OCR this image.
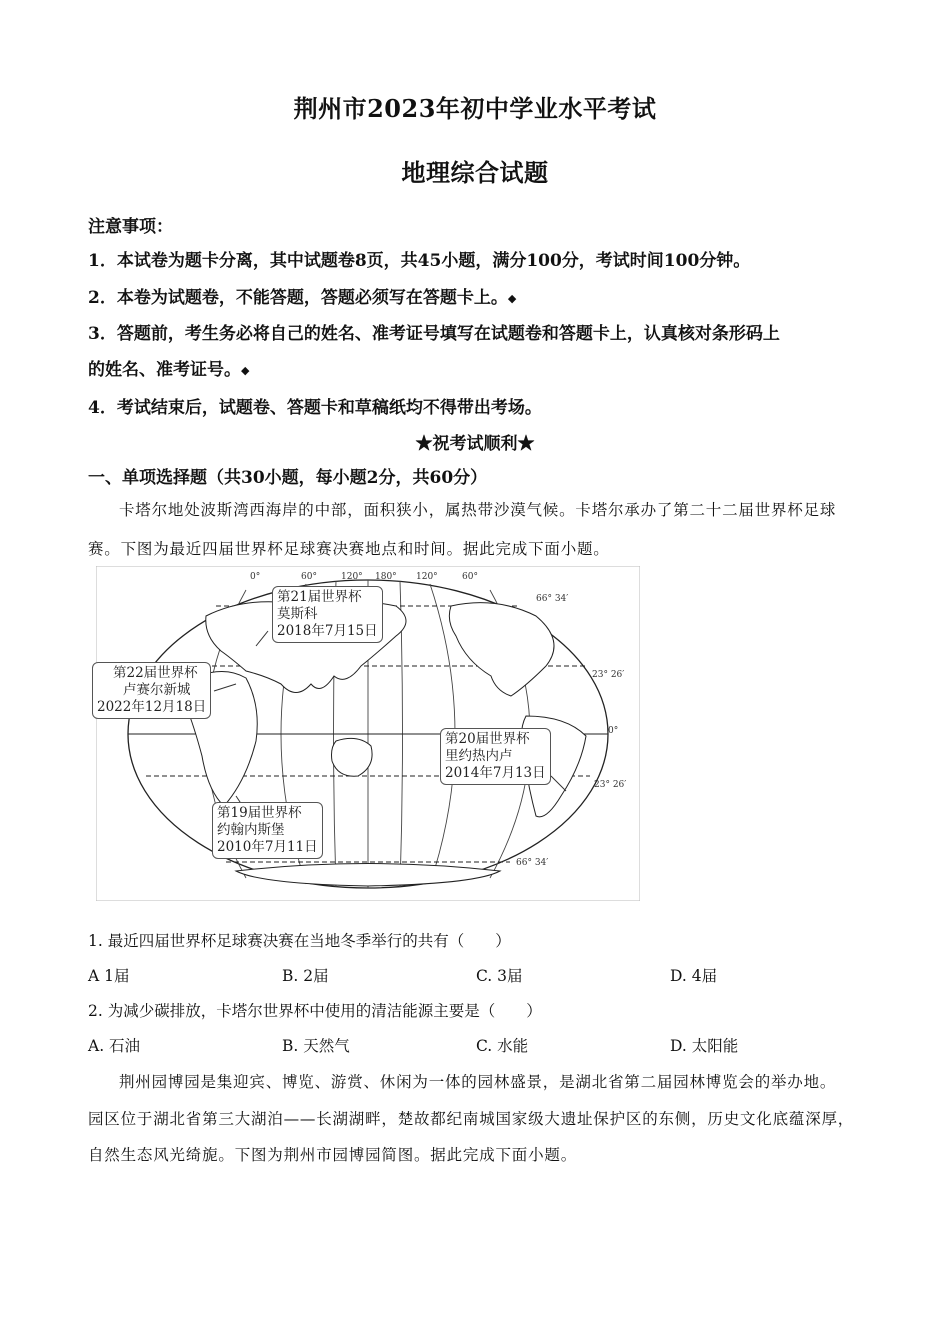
荆州市2023年初中学业水平考试
地理综合试题
注意事项：
1．本试卷为题卡分离，其中试题卷8页，共45小题，满分100分，考试时间100分钟。
2．本卷为试题卷，不能答题，答题必须写在答题卡上。◆
3．答题前，考生务必将自己的姓名、准考证号填写在试题卷和答题卡上，认真核对条形码上
的姓名、准考证号。◆
4．考试结束后，试题卷、答题卡和草稿纸均不得带出考场。
★祝考试顺利★
一、单项选择题（共30小题，每小题2分，共60分）
卡塔尔地处波斯湾西海岸的中部，面积狭小，属热带沙漠气候。卡塔尔承办了第二十二届世界杯足球
赛。下图为最近四届世界杯足球赛决赛地点和时间。据此完成下面小题。
0°	60°	120° 180° 120°	60°
66° 34′
23° 26′
0°
23° 26′
66° 34′
第21届世界杯
莫斯科
2018年7月15日
第22届世界杯
卢赛尔新城
2022年12月18日
第20届世界杯
里约热内卢
2014年7月13日
第19届世界杯
约翰内斯堡
2010年7月11日
1. 最近四届世界杯足球赛决赛在当地冬季举行的共有（　　）
A 1届	B. 2届	C. 3届	D. 4届
2. 为减少碳排放，卡塔尔世界杯中使用的清洁能源主要是（　　）
A. 石油	B. 天然气	C. 水能	D. 太阳能
荆州园博园是集迎宾、博览、游赏、休闲为一体的园林盛景，是湖北省第二届园林博览会的举办地。
园区位于湖北省第三大湖泊——长湖湖畔，楚故都纪南城国家级大遗址保护区的东侧，历史文化底蕴深厚，
自然生态风光绮旎。下图为荆州市园博园简图。据此完成下面小题。
